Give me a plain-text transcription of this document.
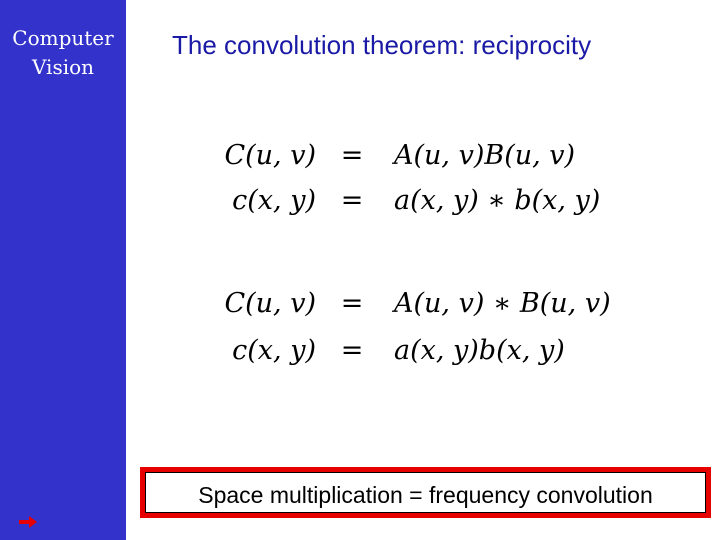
Computer
Vision
The convolution theorem: reciprocity
C(u, v) = A(u, v)B(u, v)
c(x, y) = a(x, y) ∗ b(x, y)
C(u, v) = A(u, v) ∗ B(u, v)
c(x, y) = a(x, y)b(x, y)
Space multiplication = frequency convolution
